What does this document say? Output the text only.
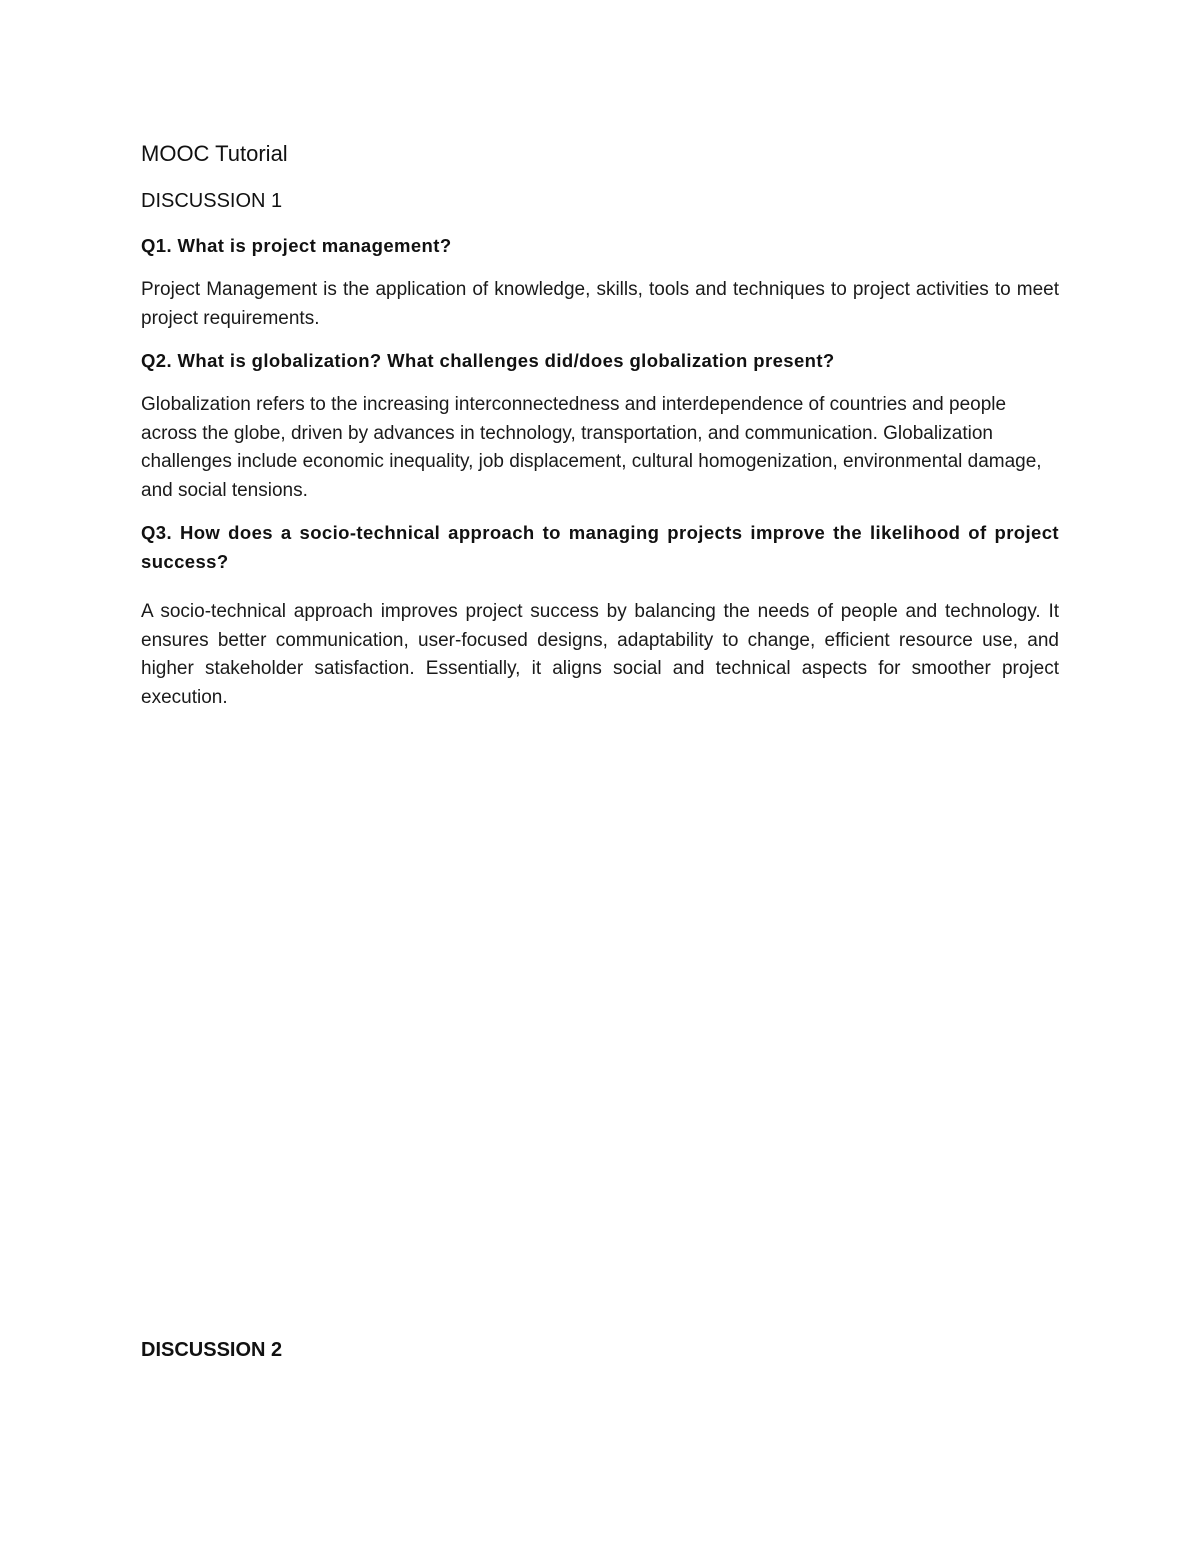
MOOC Tutorial
DISCUSSION 1

Q1. What is project management?

Project Management is the application of knowledge, skills, tools and techniques to project activities to meet project requirements.

Q2. What is globalization? What challenges did/does globalization present?

Globalization refers to the increasing interconnectedness and interdependence of countries and people across the globe, driven by advances in technology, transportation, and communication. Globalization challenges include economic inequality, job displacement, cultural homogenization, environmental damage, and social tensions.

Q3. How does a socio-technical approach to managing projects improve the likelihood of project success?

A socio-technical approach improves project success by balancing the needs of people and technology. It ensures better communication, user-focused designs, adaptability to change, efficient resource use, and higher stakeholder satisfaction. Essentially, it aligns social and technical aspects for smoother project execution.

DISCUSSION 2
